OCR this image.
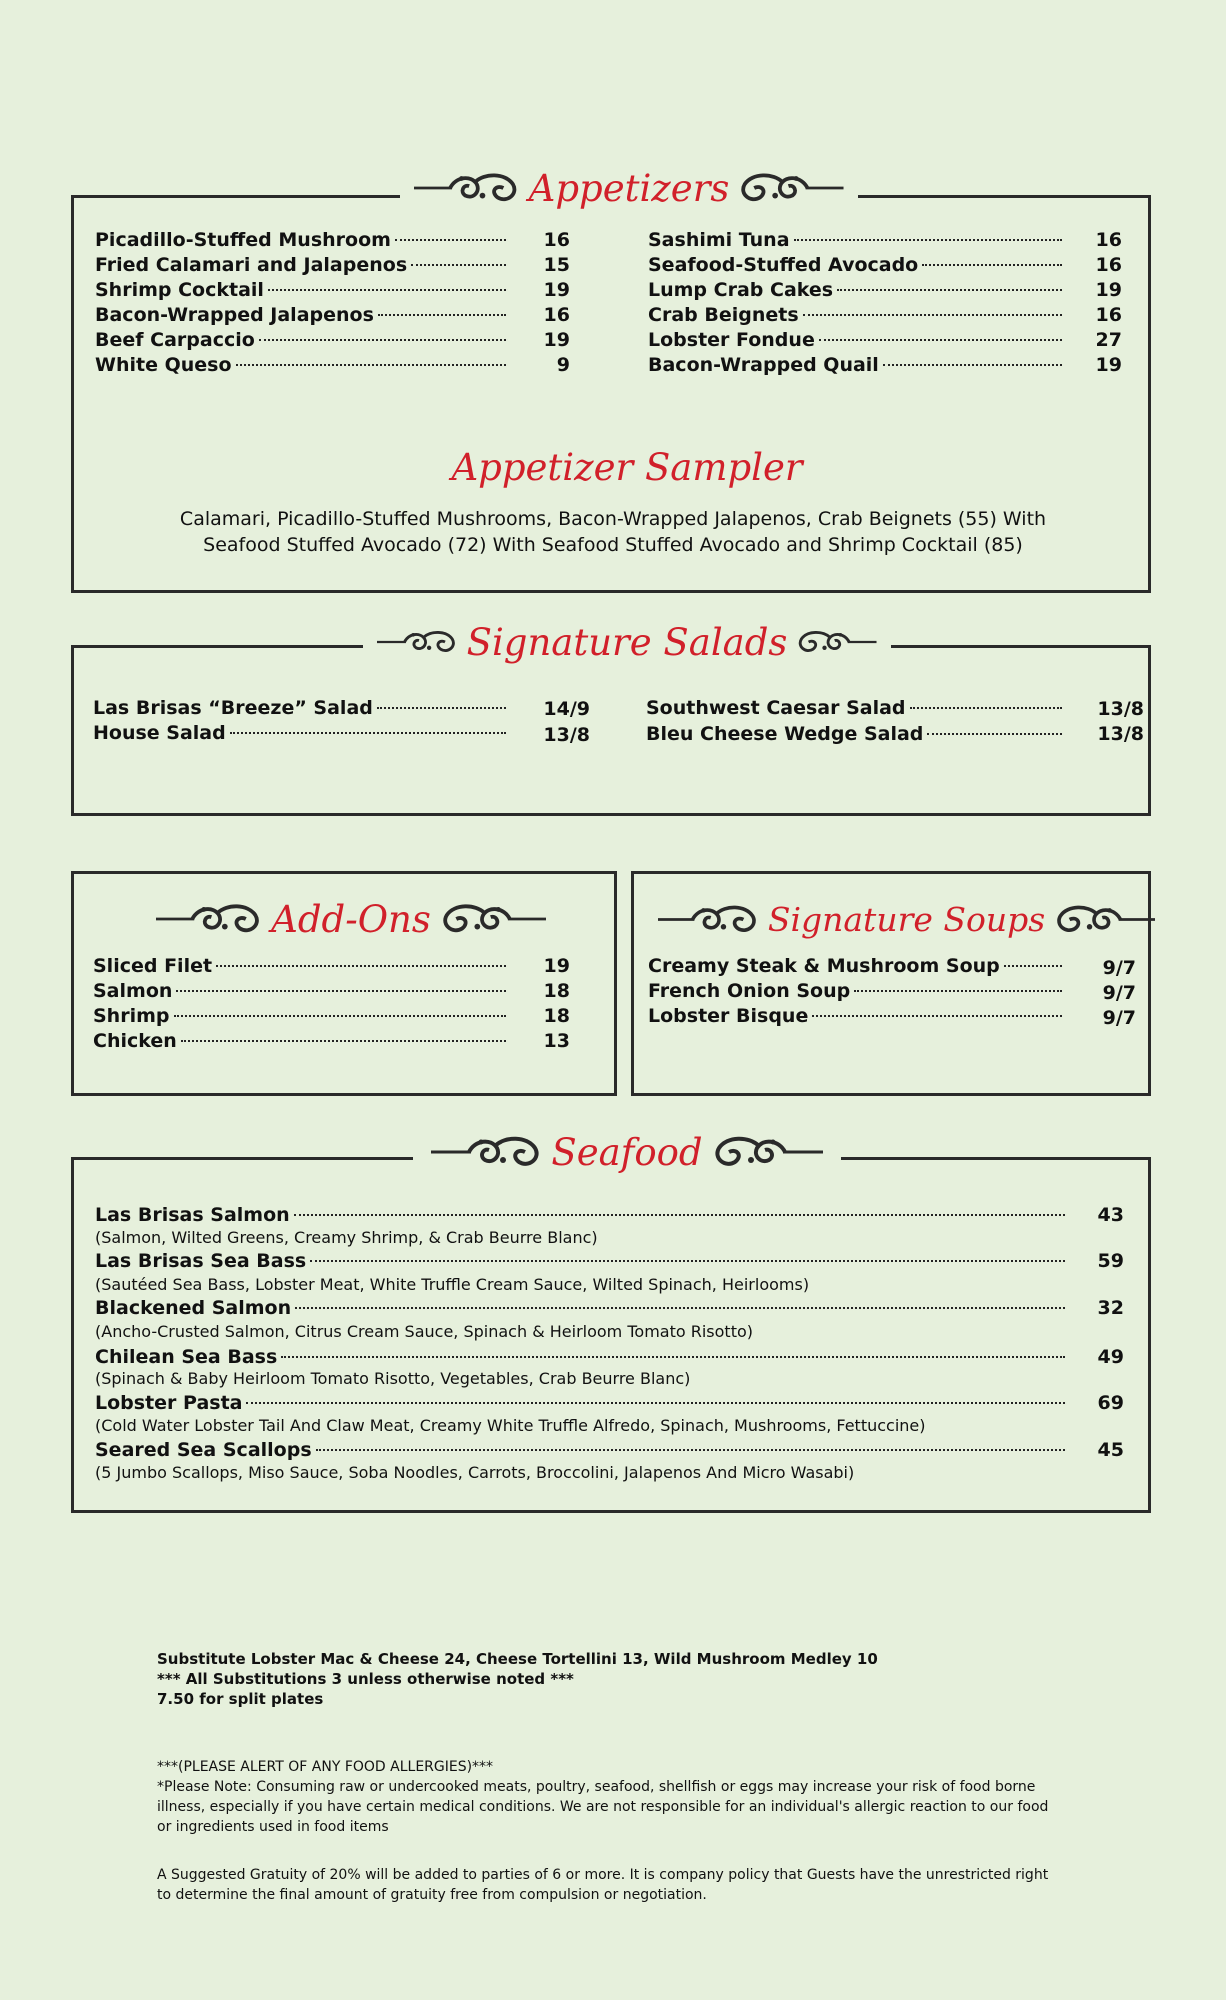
Appetizers
Picadillo-Stuffed Mushroom	16
Fried Calamari and Jalapenos	15
Shrimp Cocktail	19
Bacon-Wrapped Jalapenos	16
Beef Carpaccio	19
White Queso	9
Sashimi Tuna	16
Seafood-Stuffed Avocado	16
Lump Crab Cakes	19
Crab Beignets	16
Lobster Fondue	27
Bacon-Wrapped Quail	19
Appetizer Sampler
Calamari, Picadillo-Stuffed Mushrooms, Bacon-Wrapped Jalapenos, Crab Beignets (55) With
Seafood Stuffed Avocado (72) With Seafood Stuffed Avocado and Shrimp Cocktail (85)
Signature Salads
Las Brisas “Breeze” Salad	14/9
House Salad	13/8
Southwest Caesar Salad	13/8
Bleu Cheese Wedge Salad	13/8
Add-Ons
Sliced Filet	19
Salmon	18
Shrimp	18
Chicken	13
Signature Soups
Creamy Steak & Mushroom Soup	9/7
French Onion Soup	9/7
Lobster Bisque	9/7
Seafood
Las Brisas Salmon	43
(Salmon, Wilted Greens, Creamy Shrimp, & Crab Beurre Blanc)
Las Brisas Sea Bass	59
(Sautéed Sea Bass, Lobster Meat, White Truffle Cream Sauce, Wilted Spinach, Heirlooms)
Blackened Salmon	32
(Ancho-Crusted Salmon, Citrus Cream Sauce, Spinach & Heirloom Tomato Risotto)
Chilean Sea Bass	49
(Spinach & Baby Heirloom Tomato Risotto, Vegetables, Crab Beurre Blanc)
Lobster Pasta	69
(Cold Water Lobster Tail And Claw Meat, Creamy White Truffle Alfredo, Spinach, Mushrooms, Fettuccine)
Seared Sea Scallops	45
(5 Jumbo Scallops, Miso Sauce, Soba Noodles, Carrots, Broccolini, Jalapenos And Micro Wasabi)
Substitute Lobster Mac & Cheese 24, Cheese Tortellini 13, Wild Mushroom Medley 10
*** All Substitutions 3 unless otherwise noted ***
7.50 for split plates
***(PLEASE ALERT OF ANY FOOD ALLERGIES)***
*Please Note: Consuming raw or undercooked meats, poultry, seafood, shellfish or eggs may increase your risk of food borne illness, especially if you have certain medical conditions. We are not responsible for an individual's allergic reaction to our food or ingredients used in food items
A Suggested Gratuity of 20% will be added to parties of 6 or more. It is company policy that Guests have the unrestricted right to determine the final amount of gratuity free from compulsion or negotiation.
